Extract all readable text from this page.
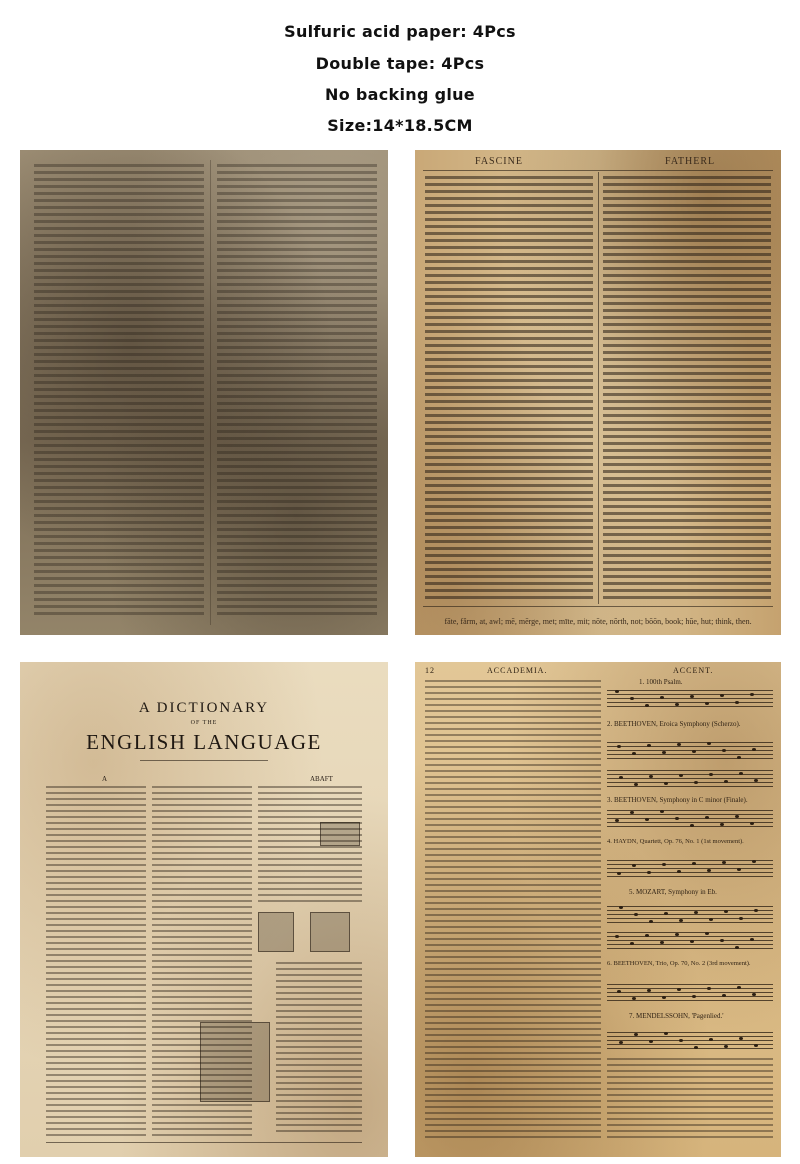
Sulfuric acid paper: 4Pcs
Double tape: 4Pcs
No backing glue
Size:14*18.5CM
FASCINE	FATHERL
fāte, fǎrm, at, awl; mē, mērge, met; mīte, mit; nōte, nōrth, not; bōōn, book; hūe, hut; think, then.
A DICTIONARY
OF THE
ENGLISH LANGUAGE
A	ABAFT
12	ACCADEMIA.	ACCENT.
1. 100th Psalm.
2. BEETHOVEN, Eroica Symphony (Scherzo).
3. BEETHOVEN, Symphony in C minor (Finale).
4. HAYDN, Quartett, Op. 76, No. 1 (1st movement).
5. MOZART, Symphony in Eb.
6. BEETHOVEN, Trio, Op. 70, No. 2 (3rd movement).
7. MENDELSSOHN, 'Pagenlied.'
